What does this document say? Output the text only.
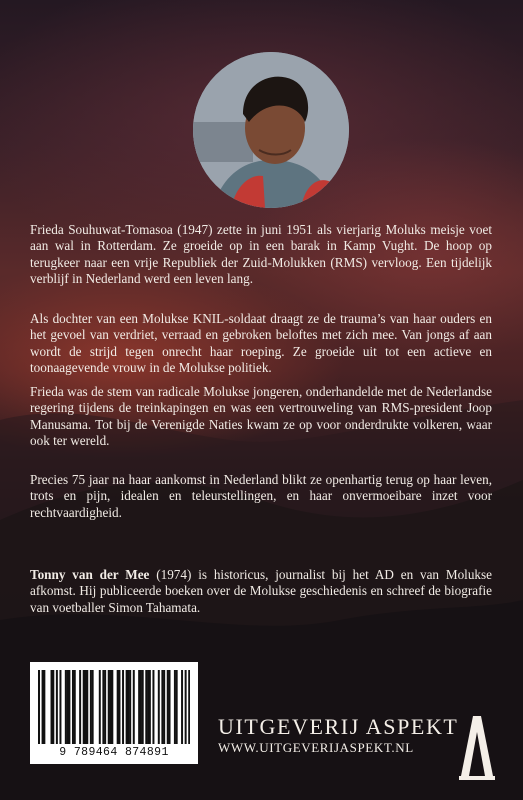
Frieda Souhuwat-Tomasoa (1947) zette in juni 1951 als vierjarig Moluks meisje voet aan wal in Rotterdam. Ze groeide op in een barak in Kamp Vught. De hoop op terugkeer naar een vrije Republiek der Zuid-Molukken (RMS) vervloog. Een tijdelijk verblijf in Nederland werd een leven lang.

Als dochter van een Molukse KNIL-soldaat draagt ze de trauma’s van haar ouders en het gevoel van verdriet, verraad en gebroken beloftes met zich mee. Van jongs af aan wordt de strijd tegen onrecht haar roeping. Ze groeide uit tot een actieve en toonaagevende vrouw in de Molukse politiek.

Frieda was de stem van radicale Molukse jongeren, onderhandelde met de Nederlandse regering tijdens de treinkapingen en was een vertrouweling van RMS-president Joop Manusama. Tot bij de Verenigde Naties kwam ze op voor onderdrukte volkeren, waar ook ter wereld.

Precies 75 jaar na haar aankomst in Nederland blikt ze openhartig terug op haar leven, trots en pijn, idealen en teleurstellingen, en haar onvermoeibare inzet voor rechtvaardigheid.

Tonny van der Mee (1974) is historicus, journalist bij het AD en van Molukse afkomst. Hij publiceerde boeken over de Molukse geschiedenis en schreef de biografie van voetballer Simon Tahamata.

9 789464 874891
UITGEVERIJ ASPEKT
WWW.UITGEVERIJASPEKT.NL
